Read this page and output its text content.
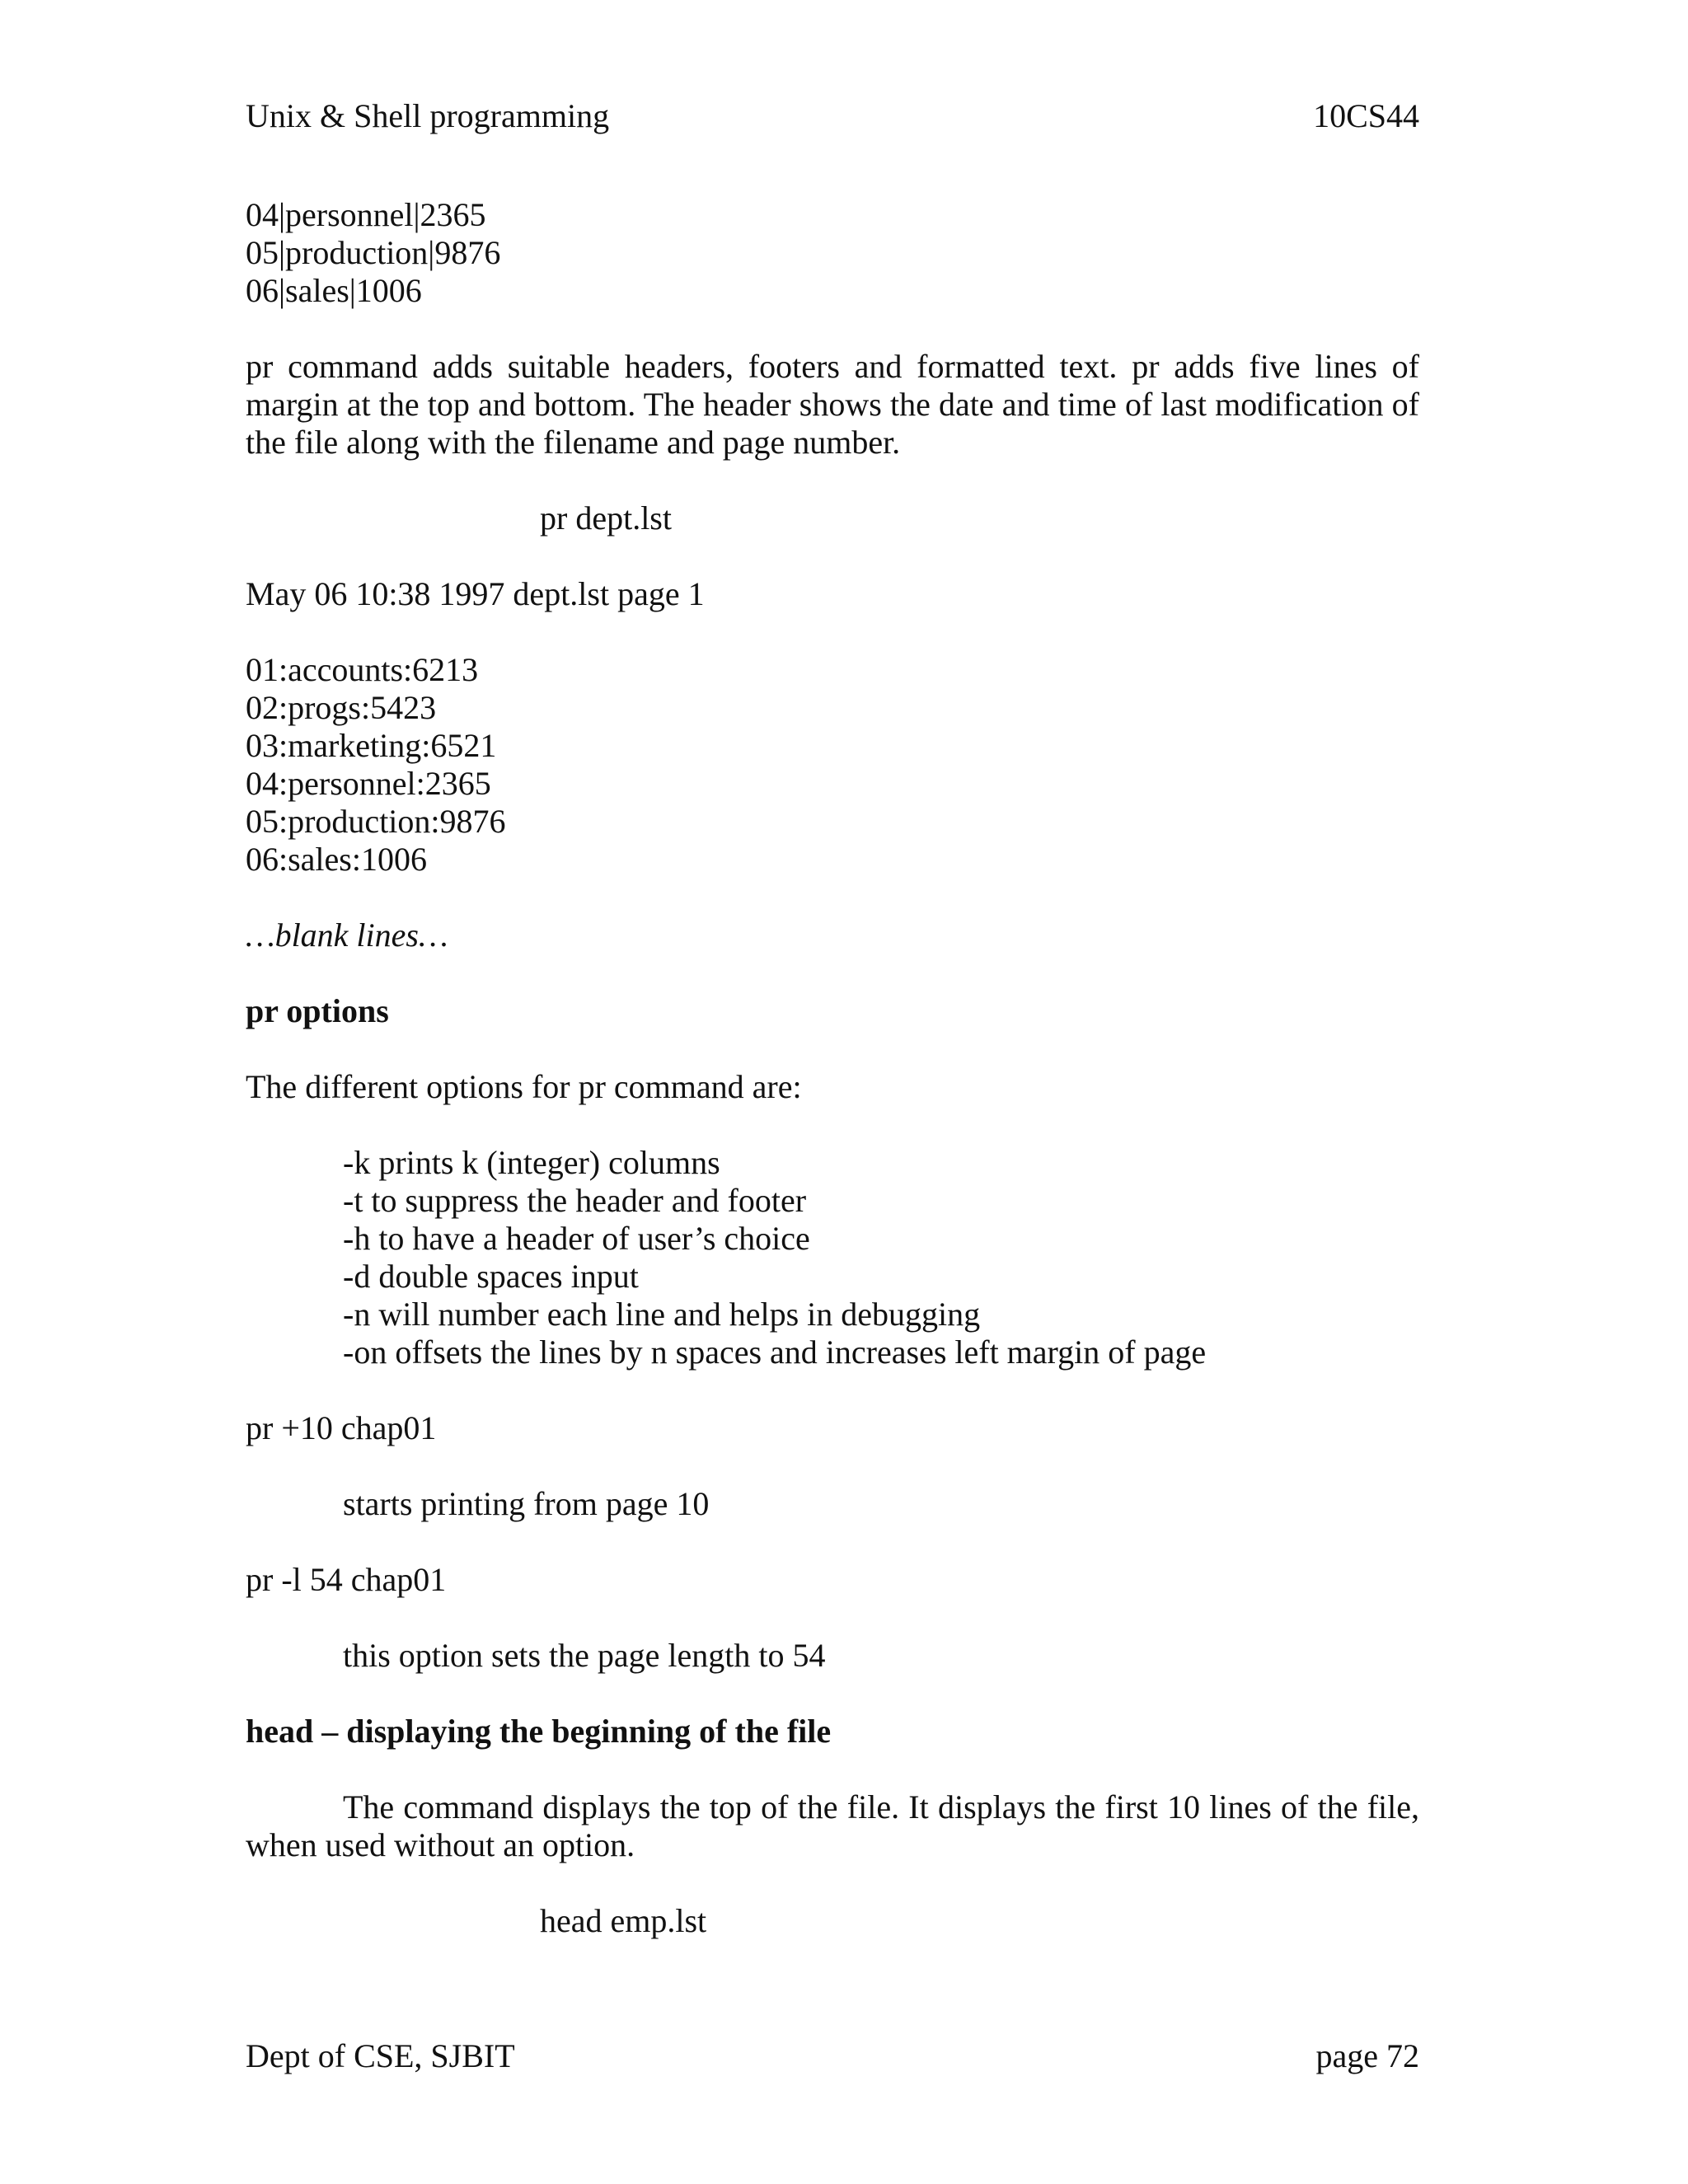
Unix & Shell programming	10CS44
04|personnel|2365
05|production|9876
06|sales|1006
pr command adds suitable headers, footers and formatted text. pr adds five lines of
margin at the top and bottom. The header shows the date and time of last modification of
the file along with the filename and page number.
pr dept.lst
May 06 10:38 1997 dept.lst page 1
01:accounts:6213
02:progs:5423
03:marketing:6521
04:personnel:2365
05:production:9876
06:sales:1006
…blank lines…
pr options
The different options for pr command are:
-k prints k (integer) columns
-t to suppress the header and footer
-h to have a header of user’s choice
-d double spaces input
-n will number each line and helps in debugging
-on offsets the lines by n spaces and increases left margin of page
pr +10 chap01
starts printing from page 10
pr -l 54 chap01
this option sets the page length to 54
head – displaying the beginning of the file
The command displays the top of the file. It displays the first 10 lines of the file,
when used without an option.
head emp.lst
Dept of CSE, SJBIT	page 72
